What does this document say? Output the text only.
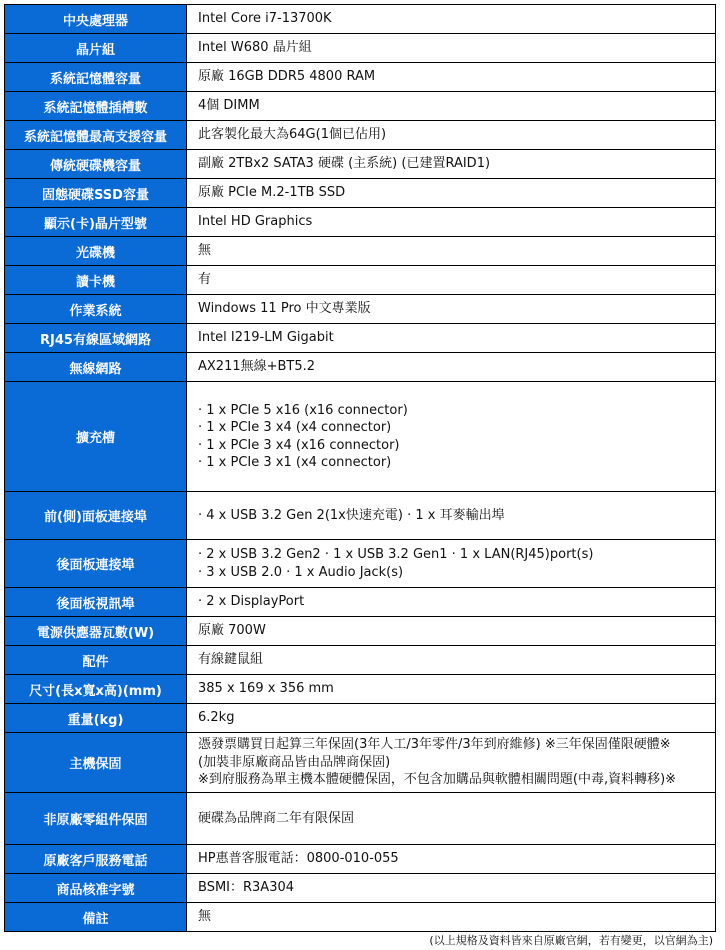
中央處理器	Intel Core i7-13700K

晶片組	Intel W680 晶片組

系統記憶體容量	原廠 16GB DDR5 4800 RAM

系統記憶體插槽數	4個 DIMM

系統記憶體最高支援容量	此客製化最大為64G(1個已佔用)

傳統硬碟機容量	副廠 2TBx2 SATA3 硬碟 (主系統) (已建置RAID1)

固態硬碟SSD容量	原廠 PCIe M.2-1TB SSD

顯示(卡)晶片型號	Intel HD Graphics

光碟機	無

讀卡機	有

作業系統	Windows 11 Pro 中文專業版

RJ45有線區域網路	Intel I219-LM Gigabit

無線網路	AX211無線+BT5.2

擴充槽	· 1 x PCIe 5 x16 (x16 connector)
· 1 x PCIe 3 x4 (x4 connector)
· 1 x PCIe 3 x4 (x16 connector)
· 1 x PCIe 3 x1 (x4 connector)

前(側)面板連接埠	· 4 x USB 3.2 Gen 2(1x快速充電) · 1 x 耳麥輸出埠

後面板連接埠	· 2 x USB 3.2 Gen2 · 1 x USB 3.2 Gen1 · 1 x LAN(RJ45)port(s)
· 3 x USB 2.0 · 1 x Audio Jack(s)

後面板視訊埠	· 2 x DisplayPort

電源供應器瓦數(W)	原廠 700W

配件	有線鍵鼠組

尺寸(長x寬x高)(mm)	385 x 169 x 356 mm

重量(kg)	6.2kg

主機保固	憑發票購買日起算三年保固(3年人工/3年零件/3年到府維修) ※三年保固僅限硬體※
(加裝非原廠商品皆由品牌商保固)
※到府服務為單主機本體硬體保固，不包含加購品與軟體相關問題(中毒,資料轉移)※

非原廠零組件保固	硬碟為品牌商二年有限保固

原廠客戶服務電話	HP惠普客服電話：0800-010-055

商品核准字號	BSMI：R3A304

備註	無
(以上規格及資料皆來自原廠官網，若有變更，以官網為主)
